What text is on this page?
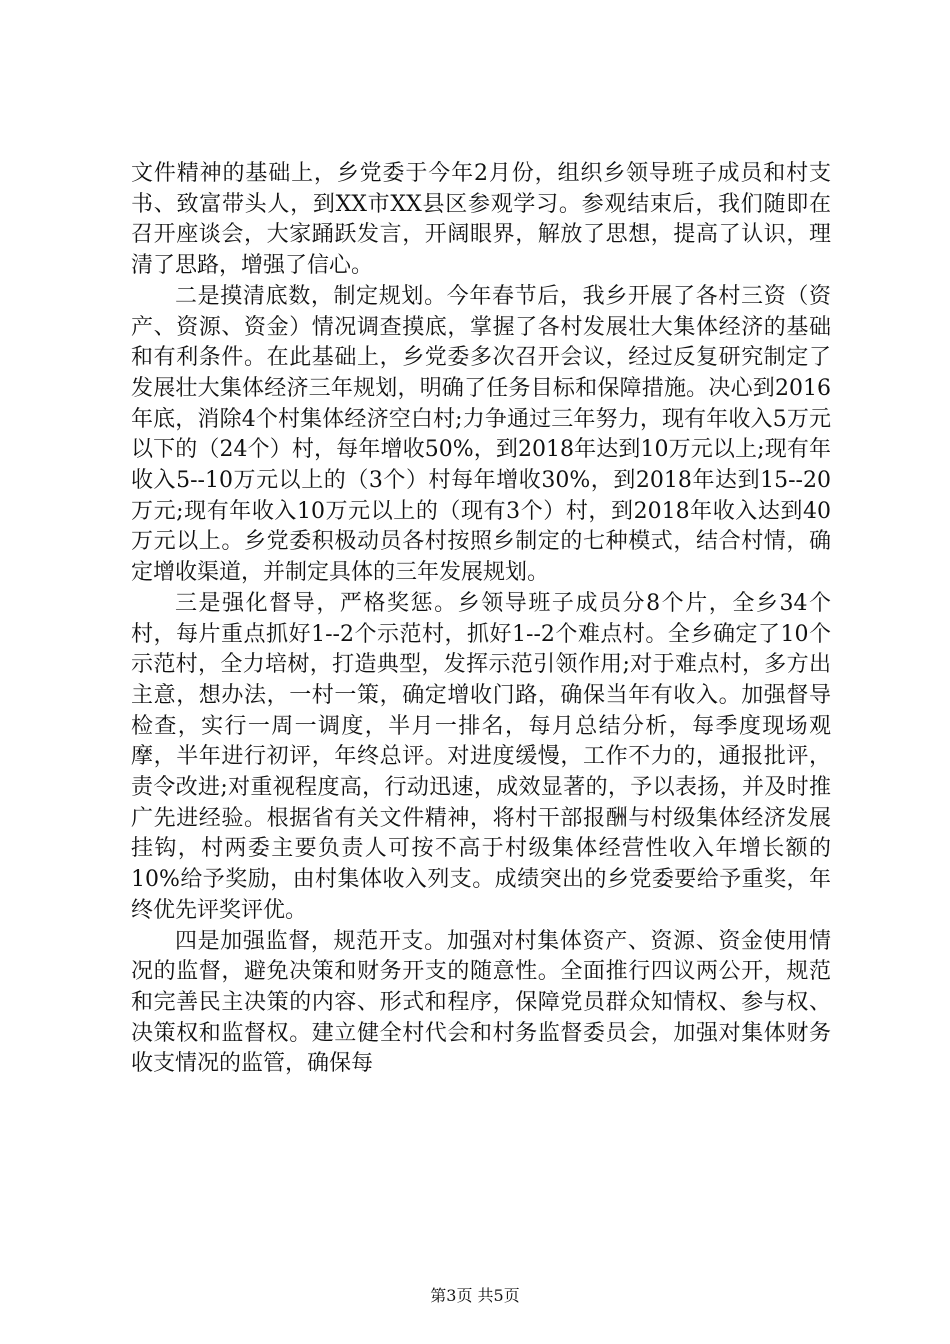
文件精神的基础上，乡党委于今年2月份，组织乡领导班子成员和村支书、致富带头人，到XX市XX县区参观学习。参观结束后，我们随即在召开座谈会，大家踊跃发言，开阔眼界，解放了思想，提高了认识，理清了思路，增强了信心。

二是摸清底数，制定规划。今年春节后，我乡开展了各村三资（资产、资源、资金）情况调查摸底，掌握了各村发展壮大集体经济的基础和有利条件。在此基础上，乡党委多次召开会议，经过反复研究制定了发展壮大集体经济三年规划，明确了任务目标和保障措施。决心到2016年底，消除4个村集体经济空白村;力争通过三年努力，现有年收入5万元以下的（24个）村，每年增收50%，到2018年达到10万元以上;现有年收入5--10万元以上的（3个）村每年增收30%，到2018年达到15--20万元;现有年收入10万元以上的（现有3个）村，到2018年收入达到40万元以上。乡党委积极动员各村按照乡制定的七种模式，结合村情，确定增收渠道，并制定具体的三年发展规划。

三是强化督导，严格奖惩。乡领导班子成员分8个片，全乡34个村，每片重点抓好1--2个示范村，抓好1--2个难点村。全乡确定了10个示范村，全力培树，打造典型，发挥示范引领作用;对于难点村，多方出主意，想办法，一村一策，确定增收门路，确保当年有收入。加强督导检查，实行一周一调度，半月一排名，每月总结分析，每季度现场观摩，半年进行初评，年终总评。对进度缓慢，工作不力的，通报批评，责令改进;对重视程度高，行动迅速，成效显著的，予以表扬，并及时推广先进经验。根据省有关文件精神，将村干部报酬与村级集体经济发展挂钩，村两委主要负责人可按不高于村级集体经营性收入年增长额的10%给予奖励，由村集体收入列支。成绩突出的乡党委要给予重奖，年终优先评奖评优。

四是加强监督，规范开支。加强对村集体资产、资源、资金使用情况的监督，避免决策和财务开支的随意性。全面推行四议两公开，规范和完善民主决策的内容、形式和程序，保障党员群众知情权、参与权、决策权和监督权。建立健全村代会和村务监督委员会，加强对集体财务收支情况的监管，确保每

第3页 共5页
